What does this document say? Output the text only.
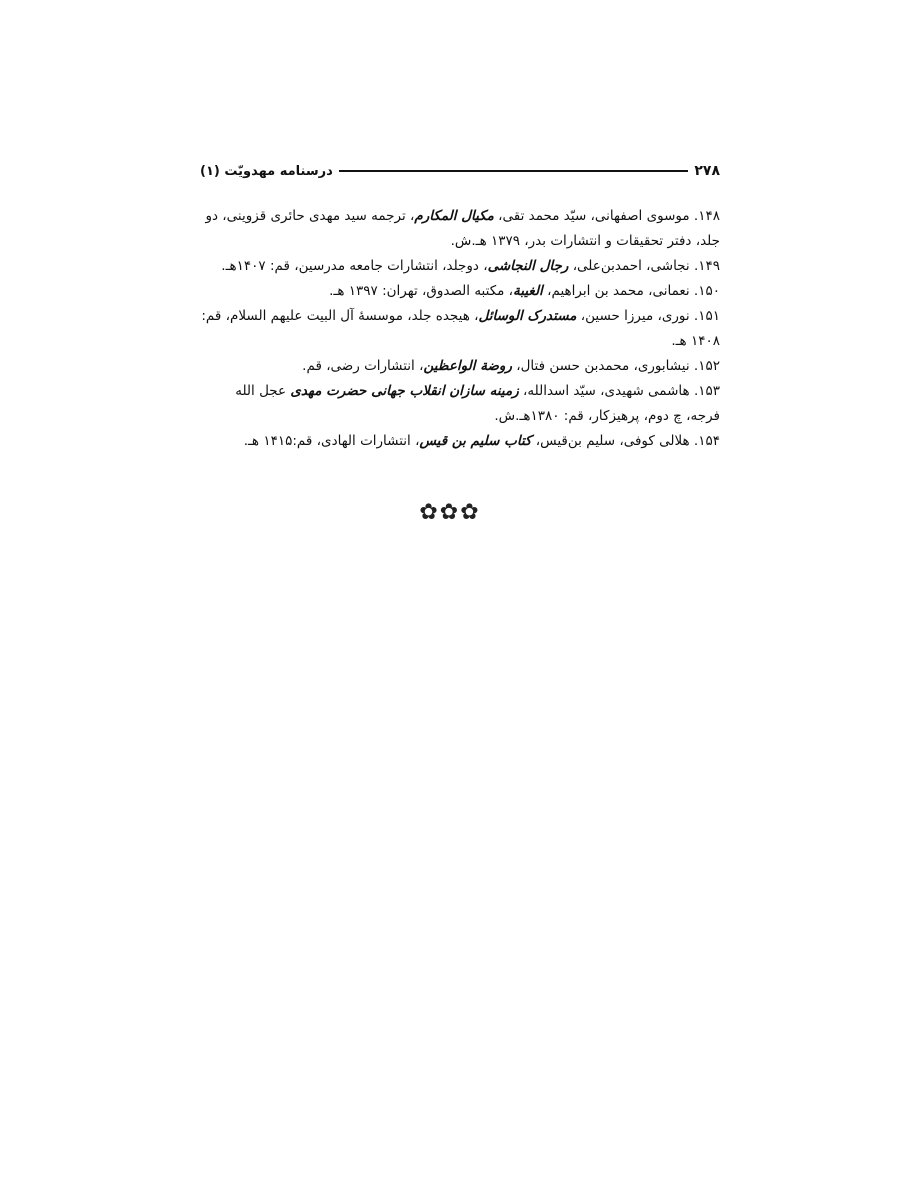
۲۷۸
درسنامه مهدویّت (۱)

۱۴۸. موسوی اصفهانی، سیّد محمد تقی، مکیال المکارم، ترجمه سید مهدی حائری قزوینی، دو جلد، دفتر تحقیقات و انتشارات بدر، ۱۳۷۹ هـ.ش.

۱۴۹. نجاشی، احمدبن‌علی، رجال النجاشی، دوجلد، انتشارات جامعه مدرسین، قم: ۱۴۰۷هـ.

۱۵۰. نعمانی، محمد بن ابراهیم، الغیبة، مکتبه الصدوق، تهران: ۱۳۹۷ هـ.

۱۵۱. نوری، میرزا حسین، مستدرک الوسائل، هیجده جلد، موسسهٔ آل البیت علیهم السلام، قم: ۱۴۰۸ هـ.

۱۵۲. نیشابوری، محمدبن حسن فتال، روضة الواعظین، انتشارات رضی، قم.

۱۵۳. هاشمی شهیدی، سیّد اسدالله، زمینه سازان انقلاب جهانی حضرت مهدی عجل الله فرجه، چ دوم، پرهیزکار، قم: ۱۳۸۰هـ.ش.

۱۵۴. هلالی کوفی، سلیم بن‌قیس، کتاب سلیم بن قیس، انتشارات الهادی، قم:۱۴۱۵ هـ.

✿✿✿
